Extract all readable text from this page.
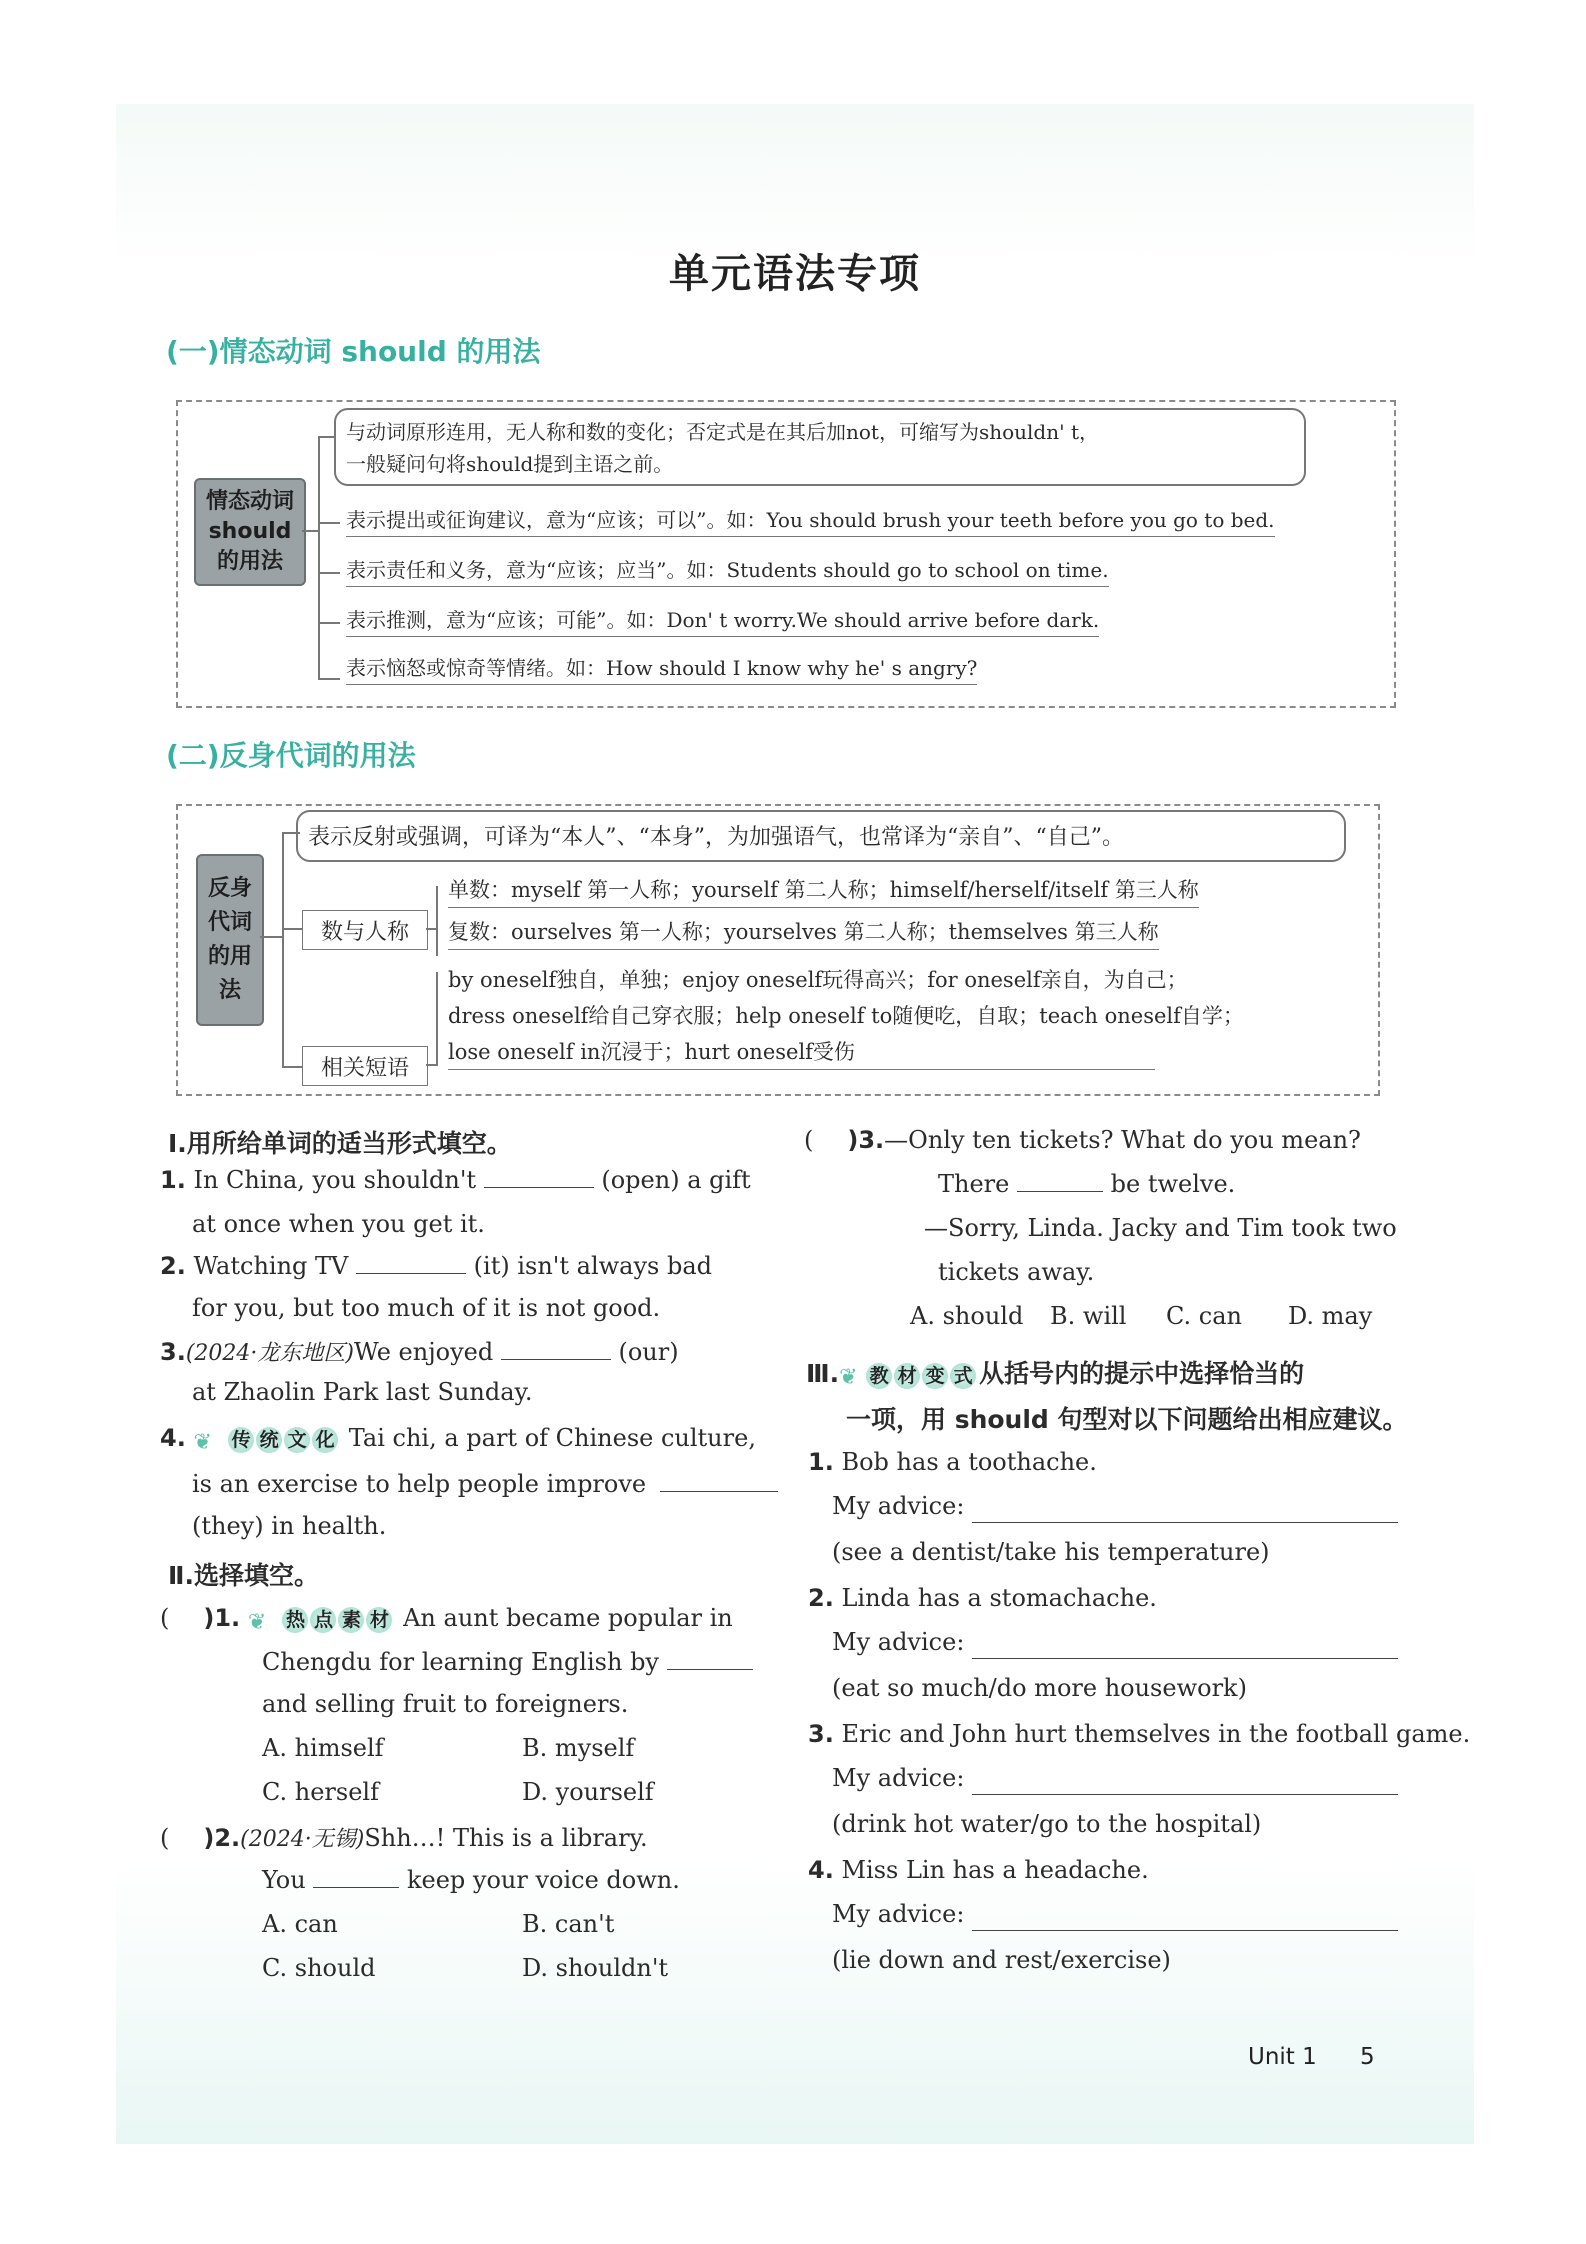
单元语法专项
(一)情态动词 should 的用法
情态动词
should
的用法
与动词原形连用，无人称和数的变化；否定式是在其后加not，可缩写为shouldn' t，
一般疑问句将should提到主语之前。
表示提出或征询建议，意为“应该；可以”。如：You should brush your teeth before you go to bed.
表示责任和义务，意为“应该；应当”。如：Students should go to school on time.
表示推测，意为“应该；可能”。如：Don' t worry.We should arrive before dark.
表示恼怒或惊奇等情绪。如：How should I know why he' s angry?
(二)反身代词的用法
反身
代词
的用
法
表示反射或强调，可译为“本人”、“本身”，为加强语气，也常译为“亲自”、“自己”。
数与人称
单数：myself 第一人称；yourself 第二人称；himself/herself/itself 第三人称
复数：ourselves 第一人称；yourselves 第二人称；themselves 第三人称
相关短语
by oneself独自，单独；enjoy oneself玩得高兴；for oneself亲自，为自己；
dress oneself给自己穿衣服；help oneself to随便吃，自取；teach oneself自学；
lose oneself in沉浸于；hurt oneself受伤
Ⅰ.用所给单词的适当形式填空。
1. In China, you shouldn't	(open) a gift
at once when you get it.
2. Watching TV	(it) isn't always bad
for you, but too much of it is not good.
3.(2024·龙东地区)We enjoyed	(our)
at Zhaolin Park last Sunday.
4. ❦ 传 统 文 化 Tai chi, a part of Chinese culture,
is an exercise to help people improve
(they) in health.
Ⅱ.选择填空。
( )1. ❦ 热 点 素 材 An aunt became popular in
Chengdu for learning English by
and selling fruit to foreigners.
A. himself	B. myself
C. herself	D. yourself
( )2.(2024·无锡)Shh…! This is a library.
You	keep your voice down.
A. can	B. can't
C. should	D. shouldn't
( )3.—Only ten tickets? What do you mean?
There	be twelve.
—Sorry, Linda. Jacky and Tim took two
tickets away.
A. should B. will C. can D. may
Ⅲ.❦ 教 材 变 式 从括号内的提示中选择恰当的
一项，用 should 句型对以下问题给出相应建议。
1. Bob has a toothache.
My advice:
(see a dentist/take his temperature)
2. Linda has a stomachache.
My advice:
(eat so much/do more housework)
3. Eric and John hurt themselves in the football game.
My advice:
(drink hot water/go to the hospital)
4. Miss Lin has a headache.
My advice:
(lie down and rest/exercise)
Unit 1 5
